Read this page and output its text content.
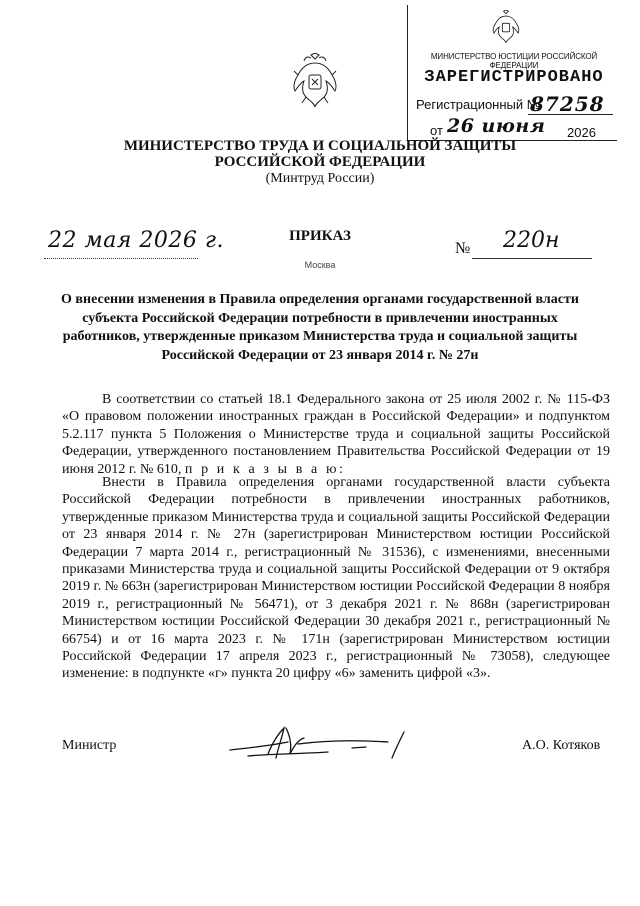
МИНИСТЕРСТВО ЮСТИЦИИ РОССИЙСКОЙ ФЕДЕРАЦИИ
ЗАРЕГИСТРИРОВАНО
Регистрационный №
87258
от 26 июня 2026
МИНИСТЕРСТВО ТРУДА И СОЦИАЛЬНОЙ ЗАЩИТЫ РОССИЙСКОЙ ФЕДЕРАЦИИ
(Минтруд России)
22 мая 2026 г.	ПРИКАЗ
Москва
№ 220н
О внесении изменения в Правила определения органами государственной власти субъекта Российской Федерации потребности в привлечении иностранных работников, утвержденные приказом Министерства труда и социальной защиты Российской Федерации от 23 января 2014 г. № 27н
В соответствии со статьей 18.1 Федерального закона от 25 июля 2002 г. № 115-ФЗ «О правовом положении иностранных граждан в Российской Федерации» и подпунктом 5.2.117 пункта 5 Положения о Министерстве труда и социальной защиты Российской Федерации, утвержденного постановлением Правительства Российской Федерации от 19 июня 2012 г. № 610, п р и к а з ы в а ю:
Внести в Правила определения органами государственной власти субъекта Российской Федерации потребности в привлечении иностранных работников, утвержденные приказом Министерства труда и социальной защиты Российской Федерации от 23 января 2014 г. № 27н (зарегистрирован Министерством юстиции Российской Федерации 7 марта 2014 г., регистрационный № 31536), с изменениями, внесенными приказами Министерства труда и социальной защиты Российской Федерации от 9 октября 2019 г. № 663н (зарегистрирован Министерством юстиции Российской Федерации 8 ноября 2019 г., регистрационный № 56471), от 3 декабря 2021 г. № 868н (зарегистрирован Министерством юстиции Российской Федерации 30 декабря 2021 г., регистрационный № 66754) и от 16 марта 2023 г. № 171н (зарегистрирован Министерством юстиции Российской Федерации 17 апреля 2023 г., регистрационный № 73058), следующее изменение: в подпункте «г» пункта 20 цифру «6» заменить цифрой «3».
Министр	А.О. Котяков
